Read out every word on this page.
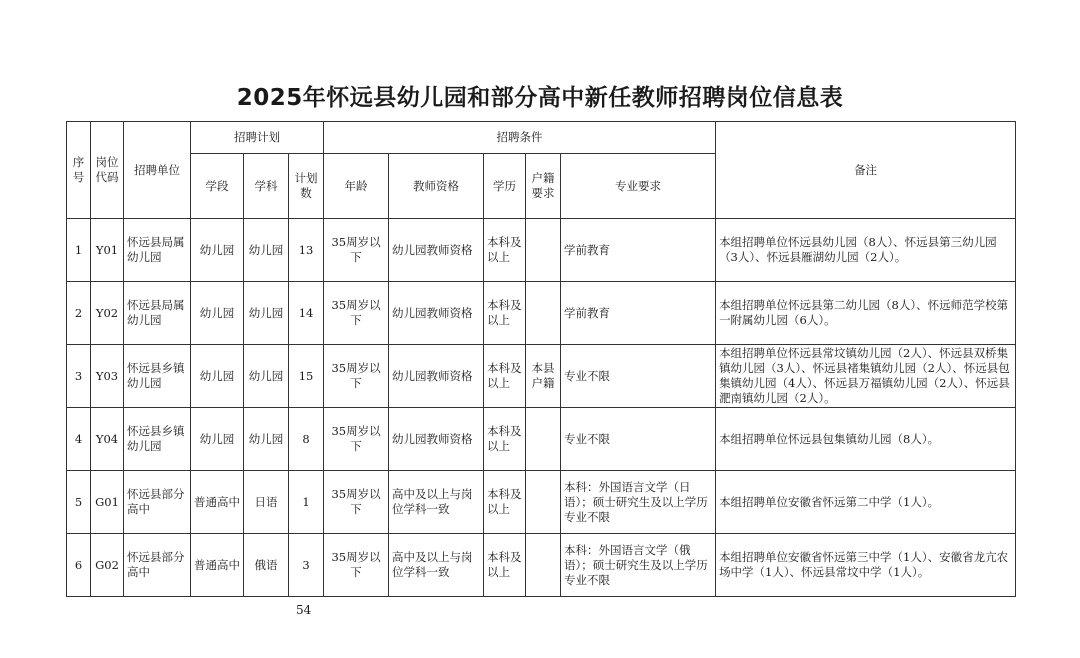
2025年怀远县幼儿园和部分高中新任教师招聘岗位信息表
序号	岗位代码	招聘单位	招聘计划			招聘条件					备注
			学段	学科	计划数	年龄	教师资格	学历	户籍要求	专业要求	
1	Y01	怀远县局属幼儿园	幼儿园	幼儿园	13	35周岁以下	幼儿园教师资格	本科及以上		学前教育	本组招聘单位怀远县幼儿园（8人）、怀远县第三幼儿园（3人）、怀远县雁湖幼儿园（2人）。
2	Y02	怀远县局属幼儿园	幼儿园	幼儿园	14	35周岁以下	幼儿园教师资格	本科及以上		学前教育	本组招聘单位怀远县第二幼儿园（8人）、怀远师范学校第一附属幼儿园（6人）。
3	Y03	怀远县乡镇幼儿园	幼儿园	幼儿园	15	35周岁以下	幼儿园教师资格	本科及以上	本县户籍	专业不限	本组招聘单位怀远县常坟镇幼儿园（2人）、怀远县双桥集镇幼儿园（3人）、怀远县褚集镇幼儿园（2人）、怀远县包集镇幼儿园（4人）、怀远县万福镇幼儿园（2人）、怀远县淝南镇幼儿园（2人）。
4	Y04	怀远县乡镇幼儿园	幼儿园	幼儿园	8	35周岁以下	幼儿园教师资格	本科及以上		专业不限	本组招聘单位怀远县包集镇幼儿园（8人）。
5	G01	怀远县部分高中	普通高中	日语	1	35周岁以下	高中及以上与岗位学科一致	本科及以上		本科：外国语言文学（日语）；硕士研究生及以上学历专业不限	本组招聘单位安徽省怀远第二中学（1人）。
6	G02	怀远县部分高中	普通高中	俄语	3	35周岁以下	高中及以上与岗位学科一致	本科及以上		本科：外国语言文学（俄语）；硕士研究生及以上学历专业不限	本组招聘单位安徽省怀远第三中学（1人）、安徽省龙亢农场中学（1人）、怀远县常坟中学（1人）。
54
